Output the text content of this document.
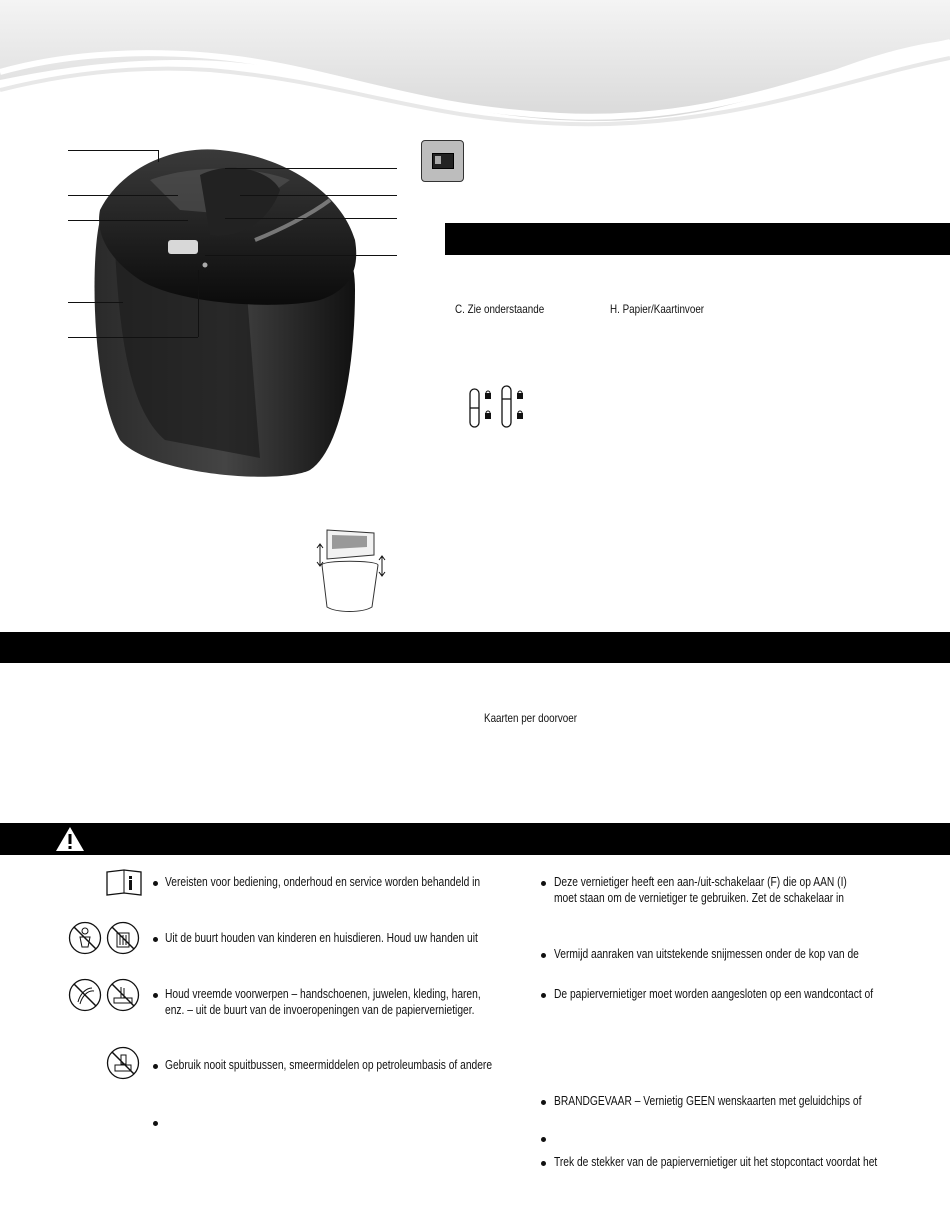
C. Zie onderstaande	H. Papier/Kaartinvoer
Kaarten per doorvoer
Vereisten voor bediening, onderhoud en service worden behandeld in
Uit de buurt houden van kinderen en huisdieren. Houd uw handen uit
Houd vreemde voorwerpen – handschoenen, juwelen, kleding, haren,
enz. – uit de buurt van de invoeropeningen van de papiervernietiger.
Gebruik nooit spuitbussen, smeermiddelen op petroleumbasis of andere
Deze vernietiger heeft een aan-/uit-schakelaar (F) die op AAN (I)
moet staan om de vernietiger te gebruiken. Zet de schakelaar in
Vermijd aanraken van uitstekende snijmessen onder de kop van de
De papiervernietiger moet worden aangesloten op een wandcontact of
BRANDGEVAAR – Vernietig GEEN wenskaarten met geluidchips of
Trek de stekker van de papiervernietiger uit het stopcontact voordat het
